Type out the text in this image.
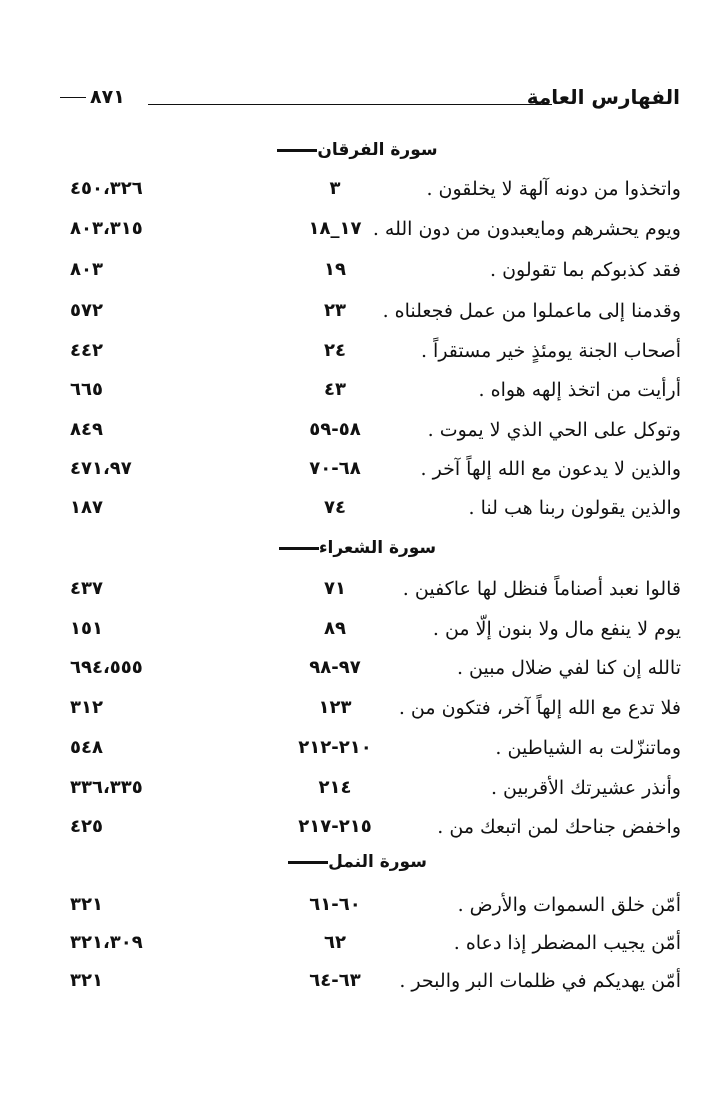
الفهارس العامة
٨٧١
سورة الفرقان
واتخذوا من دونه آلهة لا يخلقون .
٣
٤٥٠،٣٢٦
ويوم يحشرهم ومايعبدون من دون الله .
١٧_١٨
٨٠٣،٣١٥
فقد كذبوكم بما تقولون .
١٩
٨٠٣
وقدمنا إلى ماعملوا من عمل فجعلناه .
٢٣
٥٧٢
أصحاب الجنة يومئذٍ خير مستقراً .
٢٤
٤٤٢
أرأيت من اتخذ إلهه هواه .
٤٣
٦٦٥
وتوكل على الحي الذي لا يموت .
٥٨-٥٩
٨٤٩
والذين لا يدعون مع الله إلهاً آخر .
٦٨-٧٠
٤٧١،٩٧
والذين يقولون ربنا هب لنا .
٧٤
١٨٧
سورة الشعراء
قالوا نعبد أصناماً فنظل لها عاكفين .
٧١
٤٣٧
يوم لا ينفع مال ولا بنون إلّا من .
٨٩
١٥١
تالله إن كنا لفي ضلال مبين .
٩٧-٩٨
٦٩٤،٥٥٥
فلا تدع مع الله إلهاً آخر، فتكون من .
١٢٣
٣١٢
وماتنزّلت به الشياطين .
٢١٠-٢١٢
٥٤٨
وأنذر عشيرتك الأقربين .
٢١٤
٣٣٦،٣٣٥
واخفض جناحك لمن اتبعك من .
٢١٥-٢١٧
٤٢٥
سورة النمل
أمّن خلق السموات والأرض .
٦٠-٦١
٣٢١
أمّن يجيب المضطر إذا دعاه .
٦٢
٣٢١،٣٠٩
أمّن يهديكم في ظلمات البر والبحر .
٦٣-٦٤
٣٢١
